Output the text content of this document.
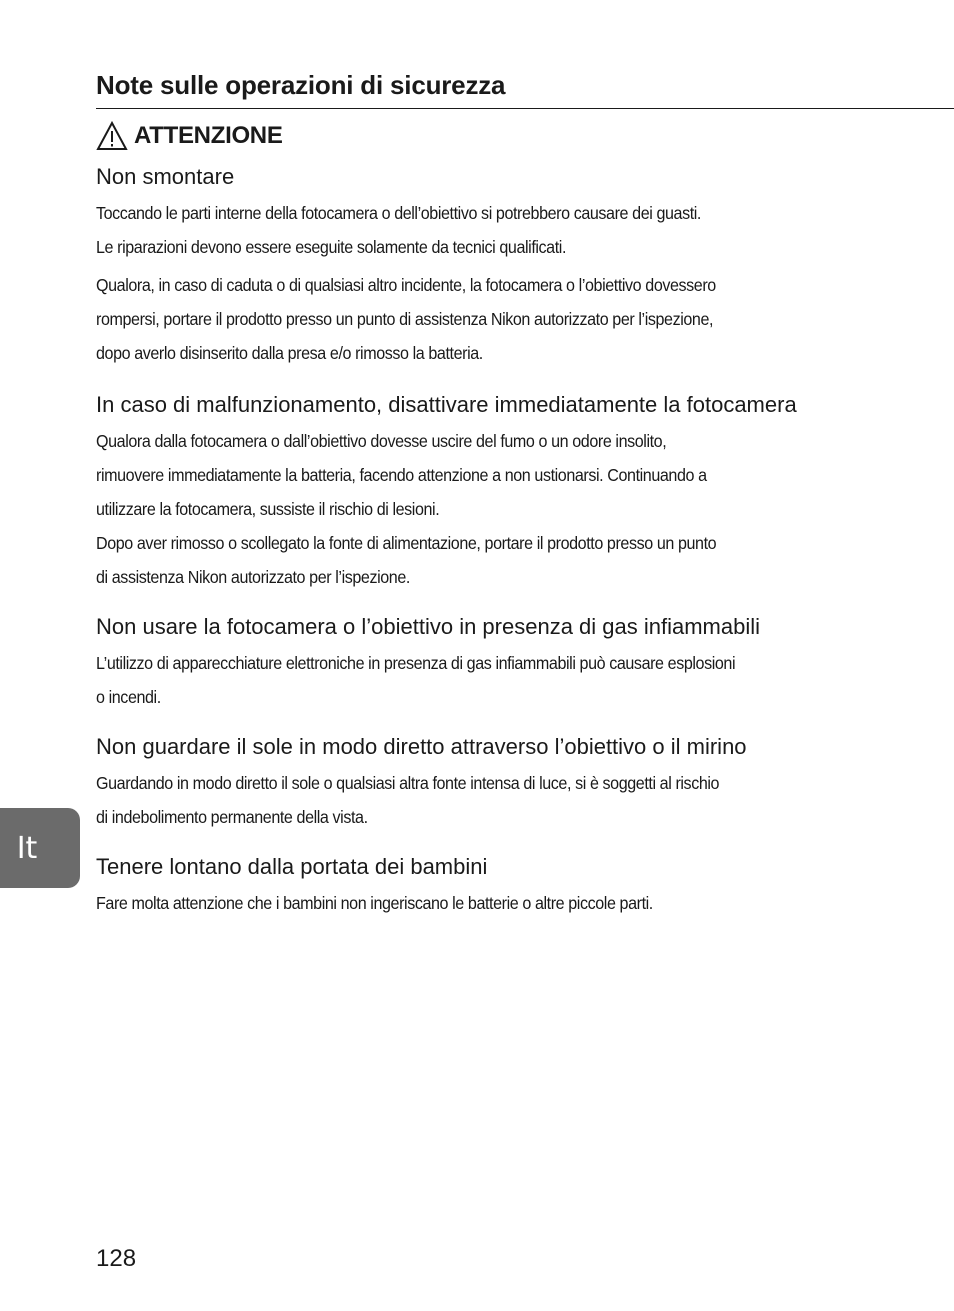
Note sulle operazioni di sicurezza
ATTENZIONE
Non smontare

Toccando le parti interne della fotocamera o dell’obiettivo si potrebbero causare dei guasti.

Le riparazioni devono essere eseguite solamente da tecnici qualificati.

Qualora, in caso di caduta o di qualsiasi altro incidente, la fotocamera o l’obiettivo dovessero

rompersi, portare il prodotto presso un punto di assistenza Nikon autorizzato per l’ispezione,

dopo averlo disinserito dalla presa e/o rimosso la batteria.

In caso di malfunzionamento, disattivare immediatamente la fotocamera

Qualora dalla fotocamera o dall’obiettivo dovesse uscire del fumo o un odore insolito,

rimuovere immediatamente la batteria, facendo attenzione a non ustionarsi. Continuando a

utilizzare la fotocamera, sussiste il rischio di lesioni.

Dopo aver rimosso o scollegato la fonte di alimentazione, portare il prodotto presso un punto

di assistenza Nikon autorizzato per l’ispezione.

Non usare la fotocamera o l’obiettivo in presenza di gas infiammabili

L’utilizzo di apparecchiature elettroniche in presenza di gas infiammabili può causare esplosioni

o incendi.

Non guardare il sole in modo diretto attraverso l’obiettivo o il mirino

Guardando in modo diretto il sole o qualsiasi altra fonte intensa di luce, si è soggetti al rischio

di indebolimento permanente della vista.

Tenere lontano dalla portata dei bambini

Fare molta attenzione che i bambini non ingeriscano le batterie o altre piccole parti.

It
128
